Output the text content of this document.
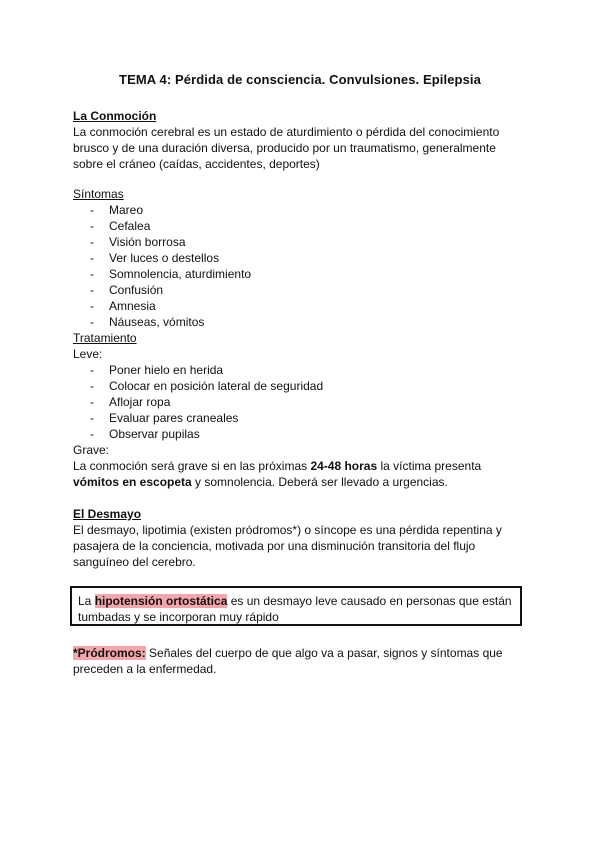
TEMA 4: Pérdida de consciencia. Convulsiones. Epilepsia
La Conmoción
La conmoción cerebral es un estado de aturdimiento o pérdida del conocimiento
brusco y de una duración diversa, producido por un traumatismo, generalmente
sobre el cráneo (caídas, accidentes, deportes)
Síntomas
- Mareo
- Cefalea
- Visión borrosa
- Ver luces o destellos
- Somnolencia, aturdimiento
- Confusión
- Amnesia
- Náuseas, vómitos
Tratamiento
Leve:
- Poner hielo en herida
- Colocar en posición lateral de seguridad
- Aflojar ropa
- Evaluar pares craneales
- Observar pupilas
Grave:
La conmoción será grave si en las próximas 24-48 horas la víctima presenta
vómitos en escopeta y somnolencia. Deberá ser llevado a urgencias.
El Desmayo
El desmayo, lipotimia (existen pródromos*) o síncope es una pérdida repentina y
pasajera de la conciencia, motivada por una disminución transitoria del flujo
sanguíneo del cerebro.
La hipotensión ortostática es un desmayo leve causado en personas que están
tumbadas y se incorporan muy rápido
*Pródromos: Señales del cuerpo de que algo va a pasar, signos y síntomas que
preceden a la enfermedad.
